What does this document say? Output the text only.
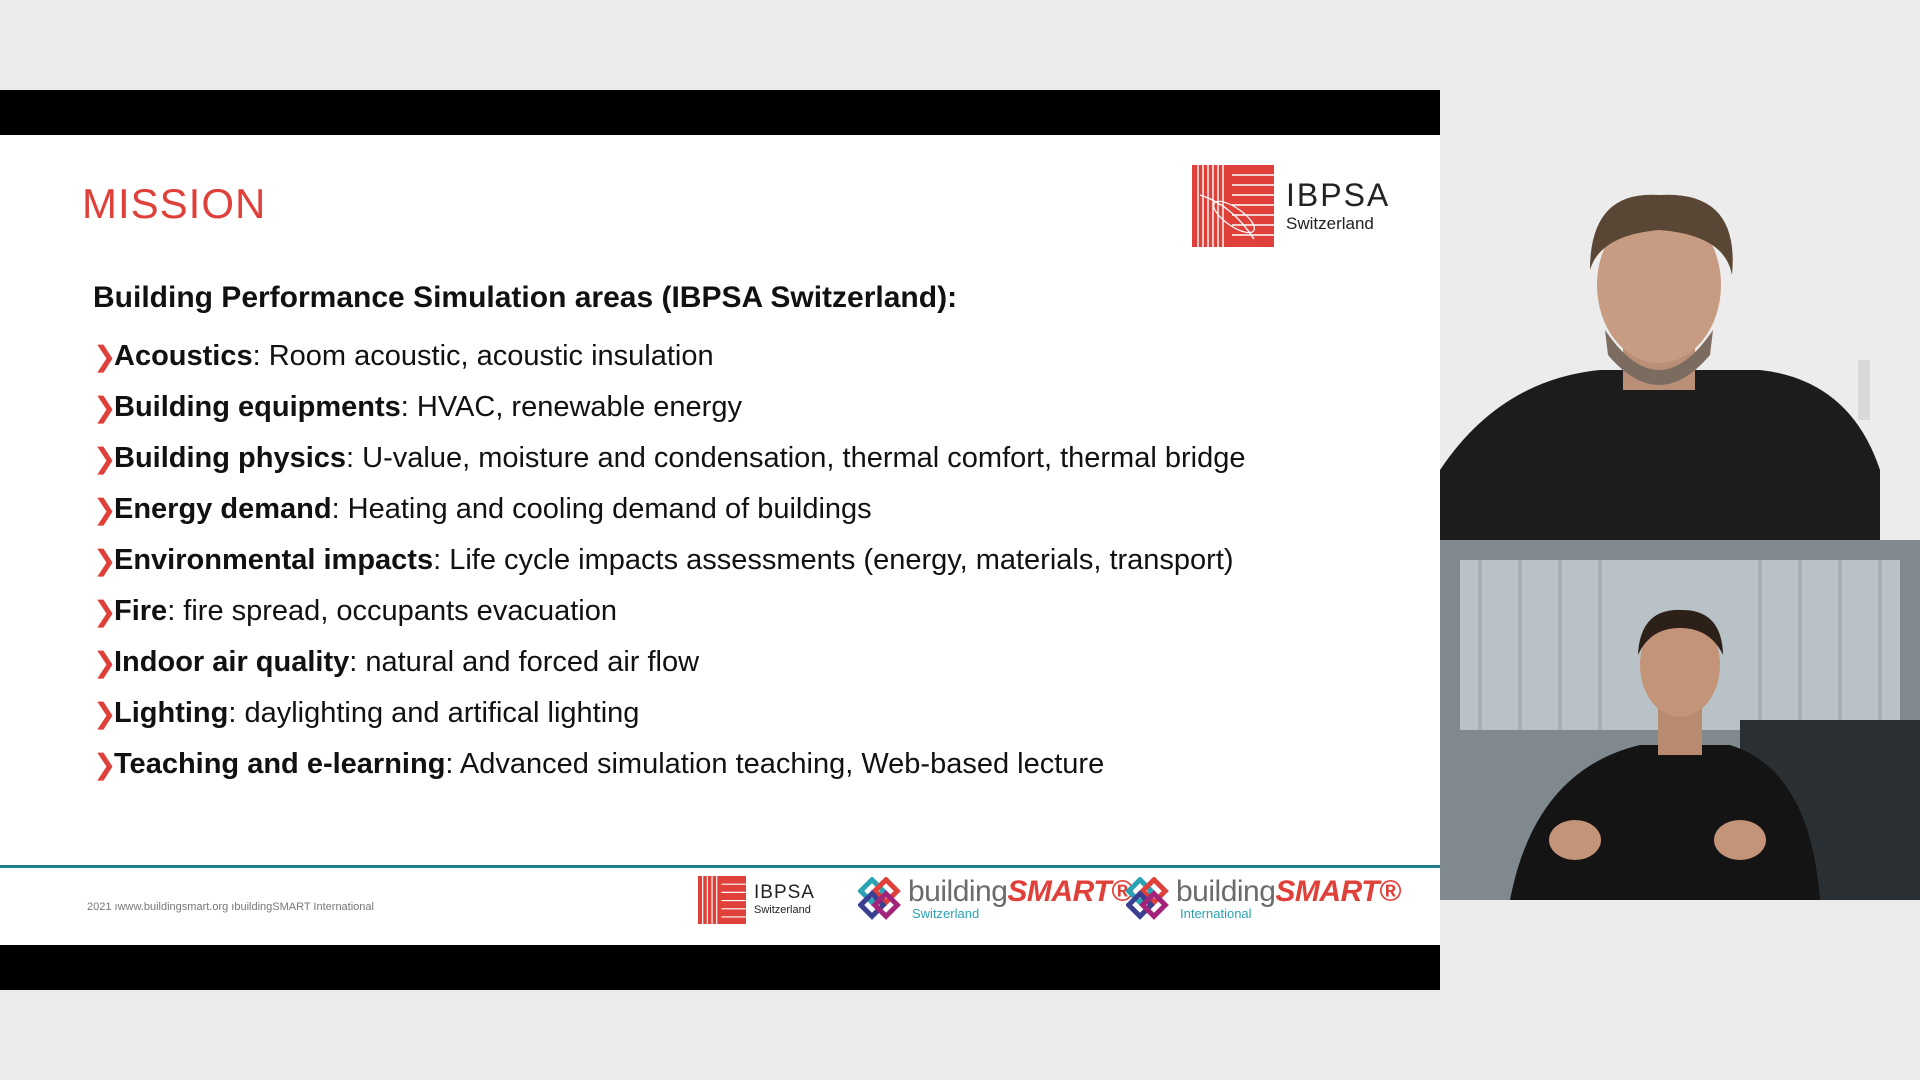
MISSION	IBPSA
Switzerland
Building Performance Simulation areas (IBPSA Switzerland):
❯
Acoustics : Room acoustic, acoustic insulation
❯
Building equipments : HVAC, renewable energy
❯
Building physics : U-value, moisture and condensation, thermal comfort, thermal bridge
❯
Energy demand : Heating and cooling demand of buildings
❯
Environmental impacts : Life cycle impacts assessments (energy, materials, transport)
❯
Fire : fire spread, occupants evacuation
❯
Indoor air quality : natural and forced air flow
❯
Lighting : daylighting and artifical lighting
❯
Teaching and e-learning : Advanced simulation teaching, Web-based lecture
2021 ıwww.buildingsmart.org ıbuildingSMART International
IBPSA
Switzerland
buildingSMART®
Switzerland
buildingSMART®
International
